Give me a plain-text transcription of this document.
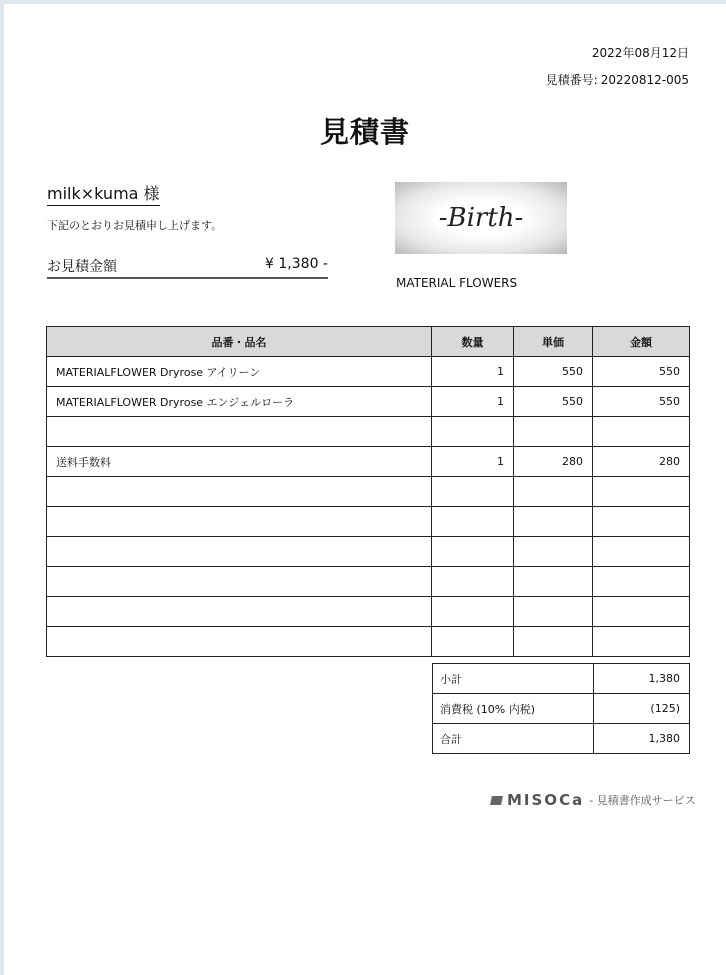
2022年08月12日
見積番号: 20220812-005
見積書
milk×kuma 様
下記のとおりお見積申し上げます。
お見積金額	¥ 1,380 -
-Birth-
MATERIAL FLOWERS
品番・品名	数量	単価	金額
MATERIALFLOWER Dryrose アイリーン	1	550	550
MATERIALFLOWER Dryrose エンジェルローラ	1	550	550

送料手数料	1	280	280

小計	1,380
消費税 (10% 内税)	(125)
合計	1,380
MISOCa - 見積書作成サービス
